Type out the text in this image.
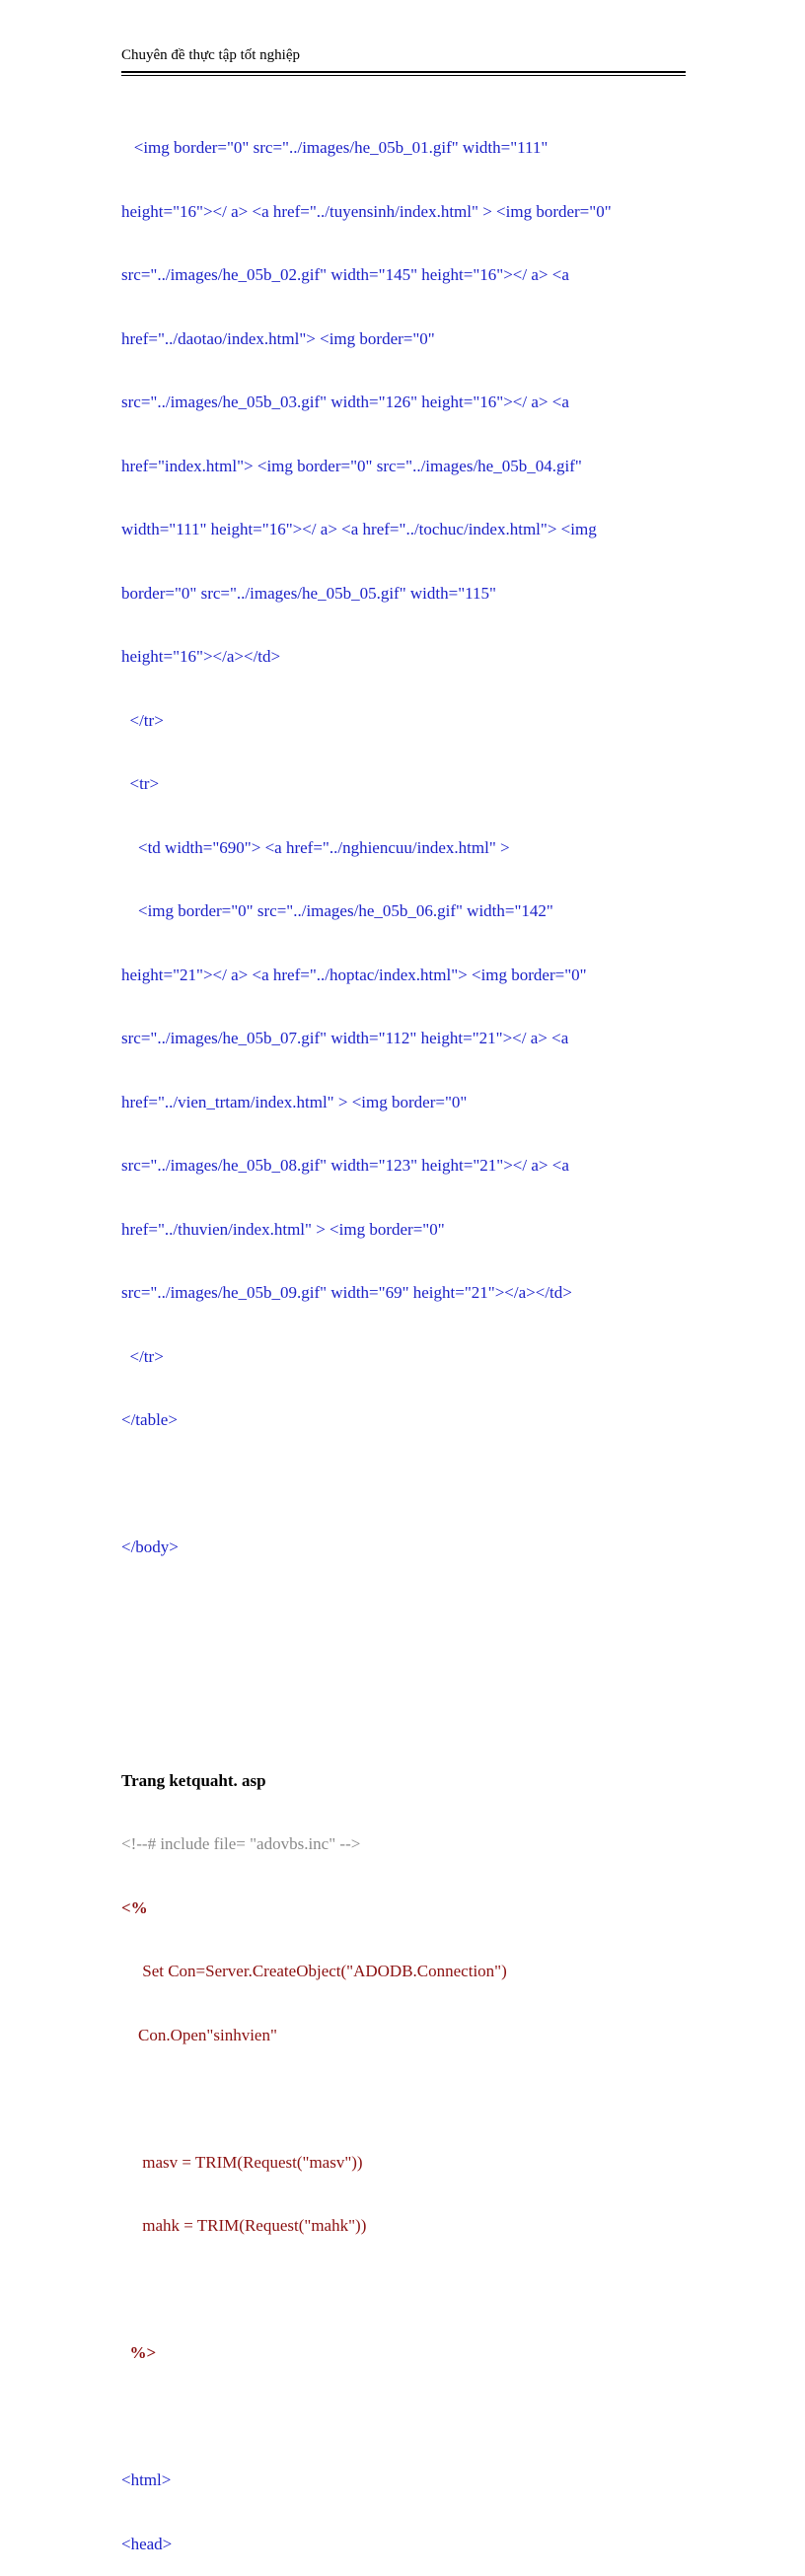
Chuyên đề thực tập tốt nghiệp

<img border="0" src="../images/he_05b_01.gif" width="111"

height="16"></ a> <a href="../tuyensinh/index.html" > <img border="0"

src="../images/he_05b_02.gif" width="145" height="16"></ a> <a

href="../daotao/index.html"> <img border="0"

src="../images/he_05b_03.gif" width="126" height="16"></ a> <a

href="index.html"> <img border="0" src="../images/he_05b_04.gif"

width="111" height="16"></ a> <a href="../tochuc/index.html"> <img

border="0" src="../images/he_05b_05.gif" width="115"

height="16"></a></td>

</tr>

<tr>

<td width="690"> <a href="../nghiencuu/index.html" >

<img border="0" src="../images/he_05b_06.gif" width="142"

height="21"></ a> <a href="../hoptac/index.html"> <img border="0"

src="../images/he_05b_07.gif" width="112" height="21"></ a> <a

href="../vien_trtam/index.html" > <img border="0"

src="../images/he_05b_08.gif" width="123" height="21"></ a> <a

href="../thuvien/index.html" > <img border="0"

src="../images/he_05b_09.gif" width="69" height="21"></a></td>

</tr>

</table>

</body>

Trang ketquaht. asp

<!--# include file= "adovbs.inc" -->

<%

Set Con=Server.CreateObject("ADODB.Connection")

Con.Open"sinhvien"

masv = TRIM(Request("masv"))

mahk = TRIM(Request("mahk"))

%>

<html>

<head>
